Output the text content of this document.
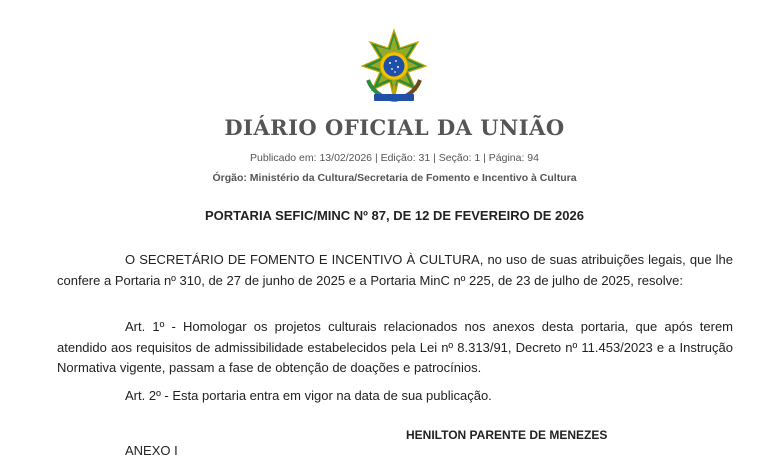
DIÁRIO OFICIAL DA UNIÃO
Publicado em: 13/02/2026 | Edição: 31 | Seção: 1 | Página: 94
Órgão: Ministério da Cultura/Secretaria de Fomento e Incentivo à Cultura
PORTARIA SEFIC/MINC Nº 87, DE 12 DE FEVEREIRO DE 2026

O SECRETÁRIO DE FOMENTO E INCENTIVO À CULTURA, no uso de suas atribuições legais, que lhe confere a Portaria nº 310, de 27 de junho de 2025 e a Portaria MinC nº 225, de 23 de julho de 2025, resolve:

Art. 1º - Homologar os projetos culturais relacionados nos anexos desta portaria, que após terem atendido aos requisitos de admissibilidade estabelecidos pela Lei nº 8.313/91, Decreto nº 11.453/2023 e a Instrução Normativa vigente, passam a fase de obtenção de doações e patrocínios.

Art. 2º - Esta portaria entra em vigor na data de sua publicação.

HENILTON PARENTE DE MENEZES
ANEXO I
